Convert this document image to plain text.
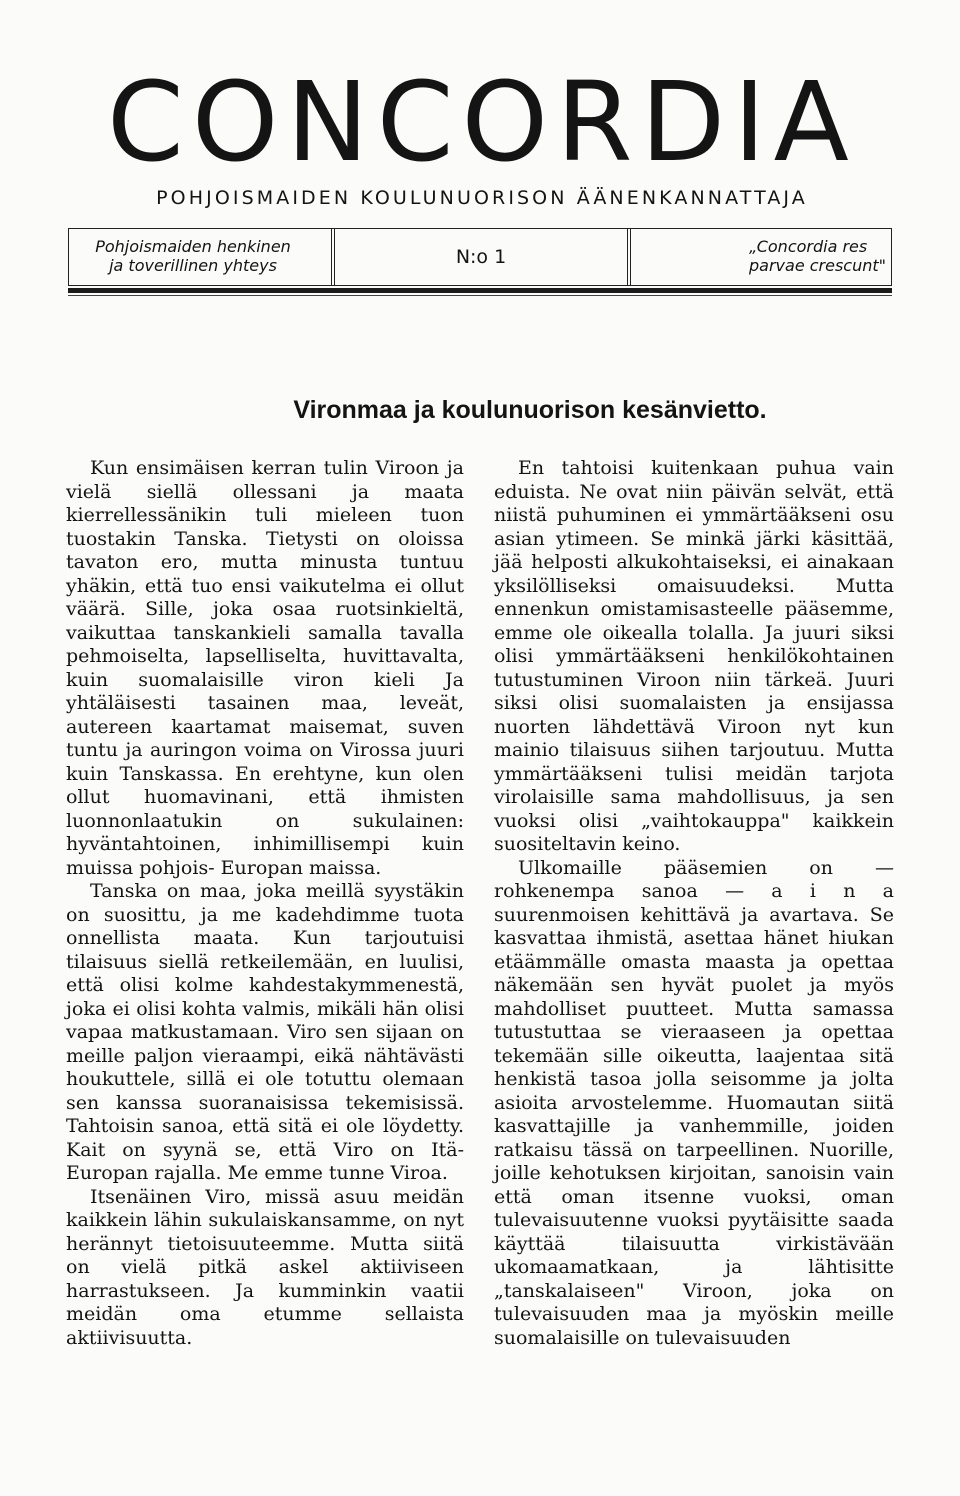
CONCORDIA
POHJOISMAIDEN KOULUNUORISON ÄÄNENKANNATTAJA
Pohjoismaiden henkinen
ja toverillinen yhteys	N:o 1	„Concordia res
parvae crescunt"
Vironmaa ja koulunuorison kesänvietto.

Kun ensimäisen kerran tulin Viroon ja vielä siellä ollessani ja maata kierrellessänikin tuli mieleen tuon tuostakin Tanska. Tietysti on oloissa tavaton ero, mutta minusta tuntuu yhäkin, että tuo ensi vaikutelma ei ollut väärä. Sille, joka osaa ruotsinkieltä, vaikuttaa tanskankieli samalla tavalla pehmoiselta, lapselliselta, huvittavalta, kuin suomalaisille viron kieli Ja yhtäläisesti tasainen maa, leveät, autereen kaartamat maisemat, suven tuntu ja auringon voima on Virossa juuri kuin Tanskassa. En erehtyne, kun olen ollut huomavinani, että ihmisten luonnonlaatukin on sukulainen: hyväntahtoinen, inhimillisempi kuin muissa pohjois- Europan maissa.

Tanska on maa, joka meillä syystäkin on suosittu, ja me kadehdimme tuota onnellista maata. Kun tarjoutuisi tilaisuus siellä retkeilemään, en luulisi, että olisi kolme kahdestakymmenestä, joka ei olisi kohta valmis, mikäli hän olisi vapaa matkustamaan. Viro sen sijaan on meille paljon vieraampi, eikä nähtävästi houkuttele, sillä ei ole totuttu olemaan sen kanssa suoranaisissa tekemisissä. Tahtoisin sanoa, että sitä ei ole löydetty. Kait on syynä se, että Viro on Itä-Europan rajalla. Me emme tunne Viroa.

Itsenäinen Viro, missä asuu meidän kaikkein lähin sukulaiskansamme, on nyt herännyt tietoisuuteemme. Mutta siitä on vielä pitkä askel aktiiviseen harrastukseen. Ja kumminkin vaatii meidän oma etumme sellaista aktiivisuutta.

En tahtoisi kuitenkaan puhua vain eduista. Ne ovat niin päivän selvät, että niistä puhuminen ei ymmärtääkseni osu asian ytimeen. Se minkä järki käsittää, jää helposti alkukohtaiseksi, ei ainakaan yksilölliseksi omaisuudeksi. Mutta ennenkun omistamisasteelle pääsemme, emme ole oikealla tolalla. Ja juuri siksi olisi ymmärtääkseni henkilökohtainen tutustuminen Viroon niin tärkeä. Juuri siksi olisi suomalaisten ja ensijassa nuorten lähdettävä Viroon nyt kun mainio tilaisuus siihen tarjoutuu. Mutta ymmärtääkseni tulisi meidän tarjota virolaisille sama mahdollisuus, ja sen vuoksi olisi „vaihtokauppa" kaikkein suositeltavin keino.

Ulkomaille pääsemien on — rohkenempa sanoa — a i n a suurenmoisen kehittävä ja avartava. Se kasvattaa ihmistä, asettaa hänet hiukan etäämmälle omasta maasta ja opettaa näkemään sen hyvät puolet ja myös mahdolliset puutteet. Mutta samassa tutustuttaa se vieraaseen ja opettaa tekemään sille oikeutta, laajentaa sitä henkistä tasoa jolla seisomme ja jolta asioita arvostelemme. Huomautan siitä kasvattajille ja vanhemmille, joiden ratkaisu tässä on tarpeellinen. Nuorille, joille kehotuksen kirjoitan, sanoisin vain että oman itsenne vuoksi, oman tulevaisuutenne vuoksi pyytäisitte saada käyttää tilaisuutta virkistävään ukomaamatkaan, ja lähtisitte „tanskalaiseen" Viroon, joka on tulevaisuuden maa ja myöskin meille suomalaisille on tulevaisuuden
